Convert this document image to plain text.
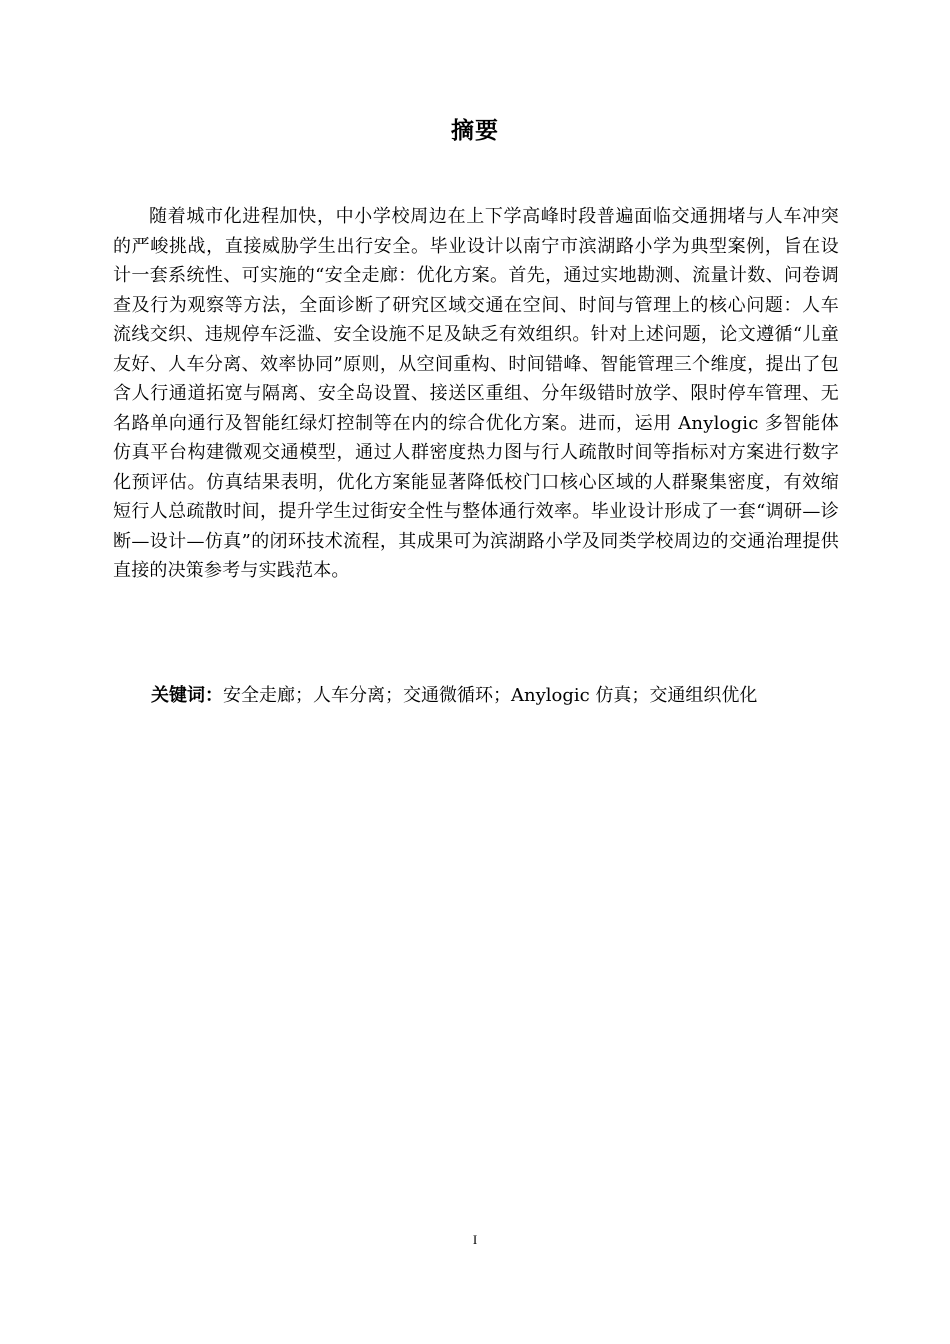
摘要

随着城市化进程加快，中小学校周边在上下学高峰时段普遍面临交通拥堵与人车冲突的严峻挑战，直接威胁学生出行安全。毕业设计以南宁市滨湖路小学为典型案例，旨在设计一套系统性、可实施的“安全走廊：优化方案。首先，通过实地勘测、流量计数、问卷调查及行为观察等方法，全面诊断了研究区域交通在空间、时间与管理上的核心问题：人车流线交织、违规停车泛滥、安全设施不足及缺乏有效组织。针对上述问题，论文遵循“儿童友好、人车分离、效率协同”原则，从空间重构、时间错峰、智能管理三个维度，提出了包含人行通道拓宽与隔离、安全岛设置、接送区重组、分年级错时放学、限时停车管理、无名路单向通行及智能红绿灯控制等在内的综合优化方案。进而，运用 Anylogic 多智能体仿真平台构建微观交通模型，通过人群密度热力图与行人疏散时间等指标对方案进行数字化预评估。仿真结果表明，优化方案能显著降低校门口核心区域的人群聚集密度，有效缩短行人总疏散时间，提升学生过街安全性与整体通行效率。毕业设计形成了一套“调研—诊断—设计—仿真”的闭环技术流程，其成果可为滨湖路小学及同类学校周边的交通治理提供直接的决策参考与实践范本。

关键词：安全走廊；人车分离；交通微循环；Anylogic 仿真；交通组织优化

I
